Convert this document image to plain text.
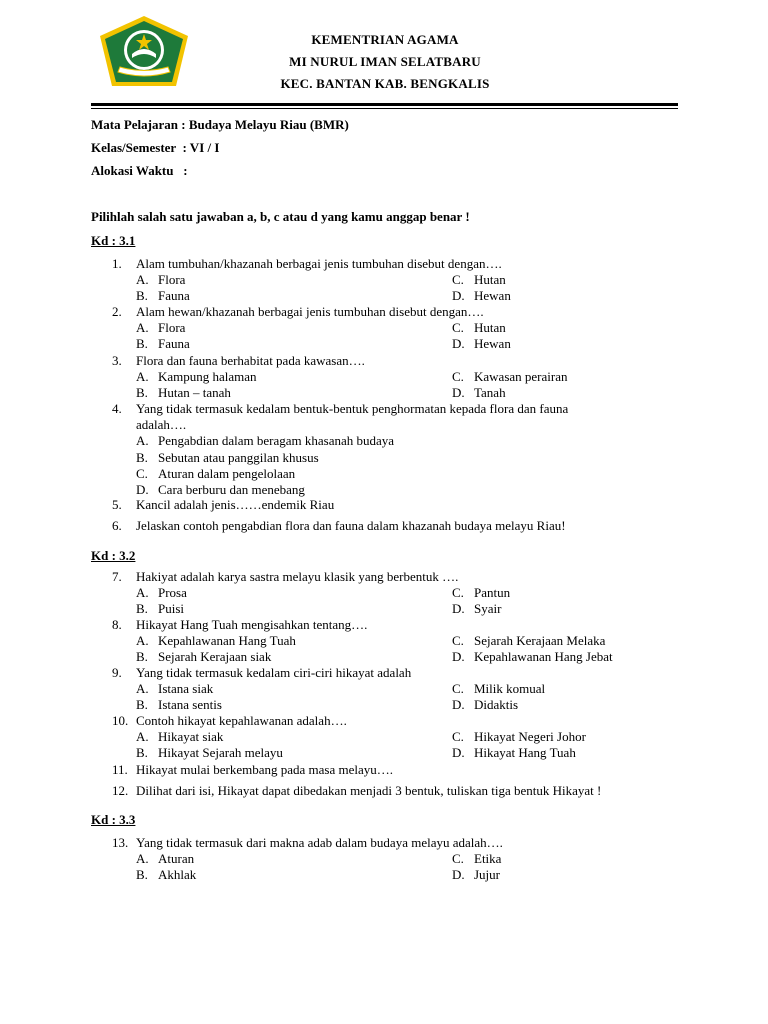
KEMENTRIAN AGAMA
MI NURUL IMAN SELATBARU
KEC. BANTAN KAB. BENGKALIS
Mata Pelajaran : Budaya Melayu Riau (BMR)
Kelas/Semester  : VI / I
Alokasi Waktu   :
Pilihlah salah satu jawaban a, b, c atau d yang kamu anggap benar !
Kd : 3.1
1.	Alam tumbuhan/khazanah berbagai jenis tumbuhan disebut dengan….
A. Flora
B. Fauna
C. Hutan
D. Hewan
2.	Alam hewan/khazanah berbagai jenis tumbuhan disebut dengan….
A. Flora
B. Fauna
C. Hutan
D. Hewan
3.	Flora dan fauna berhabitat pada kawasan….
A. Kampung halaman
B. Hutan – tanah
C. Kawasan perairan
D. Tanah
4.	Yang tidak termasuk kedalam bentuk-bentuk penghormatan kepada flora dan fauna
adalah….
A. Pengabdian dalam beragam khasanah budaya
B. Sebutan atau panggilan khusus
C. Aturan dalam pengelolaan
D. Cara berburu dan menebang
5.	Kancil adalah jenis……endemik Riau
6.	Jelaskan contoh pengabdian flora dan fauna dalam khazanah budaya melayu Riau!
Kd : 3.2
7.	Hakiyat adalah karya sastra melayu klasik yang berbentuk ….
A. Prosa
B. Puisi
C. Pantun
D. Syair
8.	Hikayat Hang Tuah mengisahkan tentang….
A. Kepahlawanan Hang Tuah
B. Sejarah Kerajaan siak
C. Sejarah Kerajaan Melaka
D. Kepahlawanan Hang Jebat
9.	Yang tidak termasuk kedalam ciri-ciri hikayat adalah
A. Istana siak
B. Istana sentis
C. Milik komual
D. Didaktis
10. Contoh hikayat kepahlawanan adalah….
A. Hikayat siak
B. Hikayat Sejarah melayu
C. Hikayat Negeri Johor
D. Hikayat Hang Tuah
11. Hikayat mulai berkembang pada masa melayu….
12. Dilihat dari isi, Hikayat dapat dibedakan menjadi 3 bentuk, tuliskan tiga bentuk Hikayat !
Kd : 3.3
13. Yang tidak termasuk dari makna adab dalam budaya melayu adalah….
A. Aturan
B. Akhlak
C. Etika
D. Jujur
